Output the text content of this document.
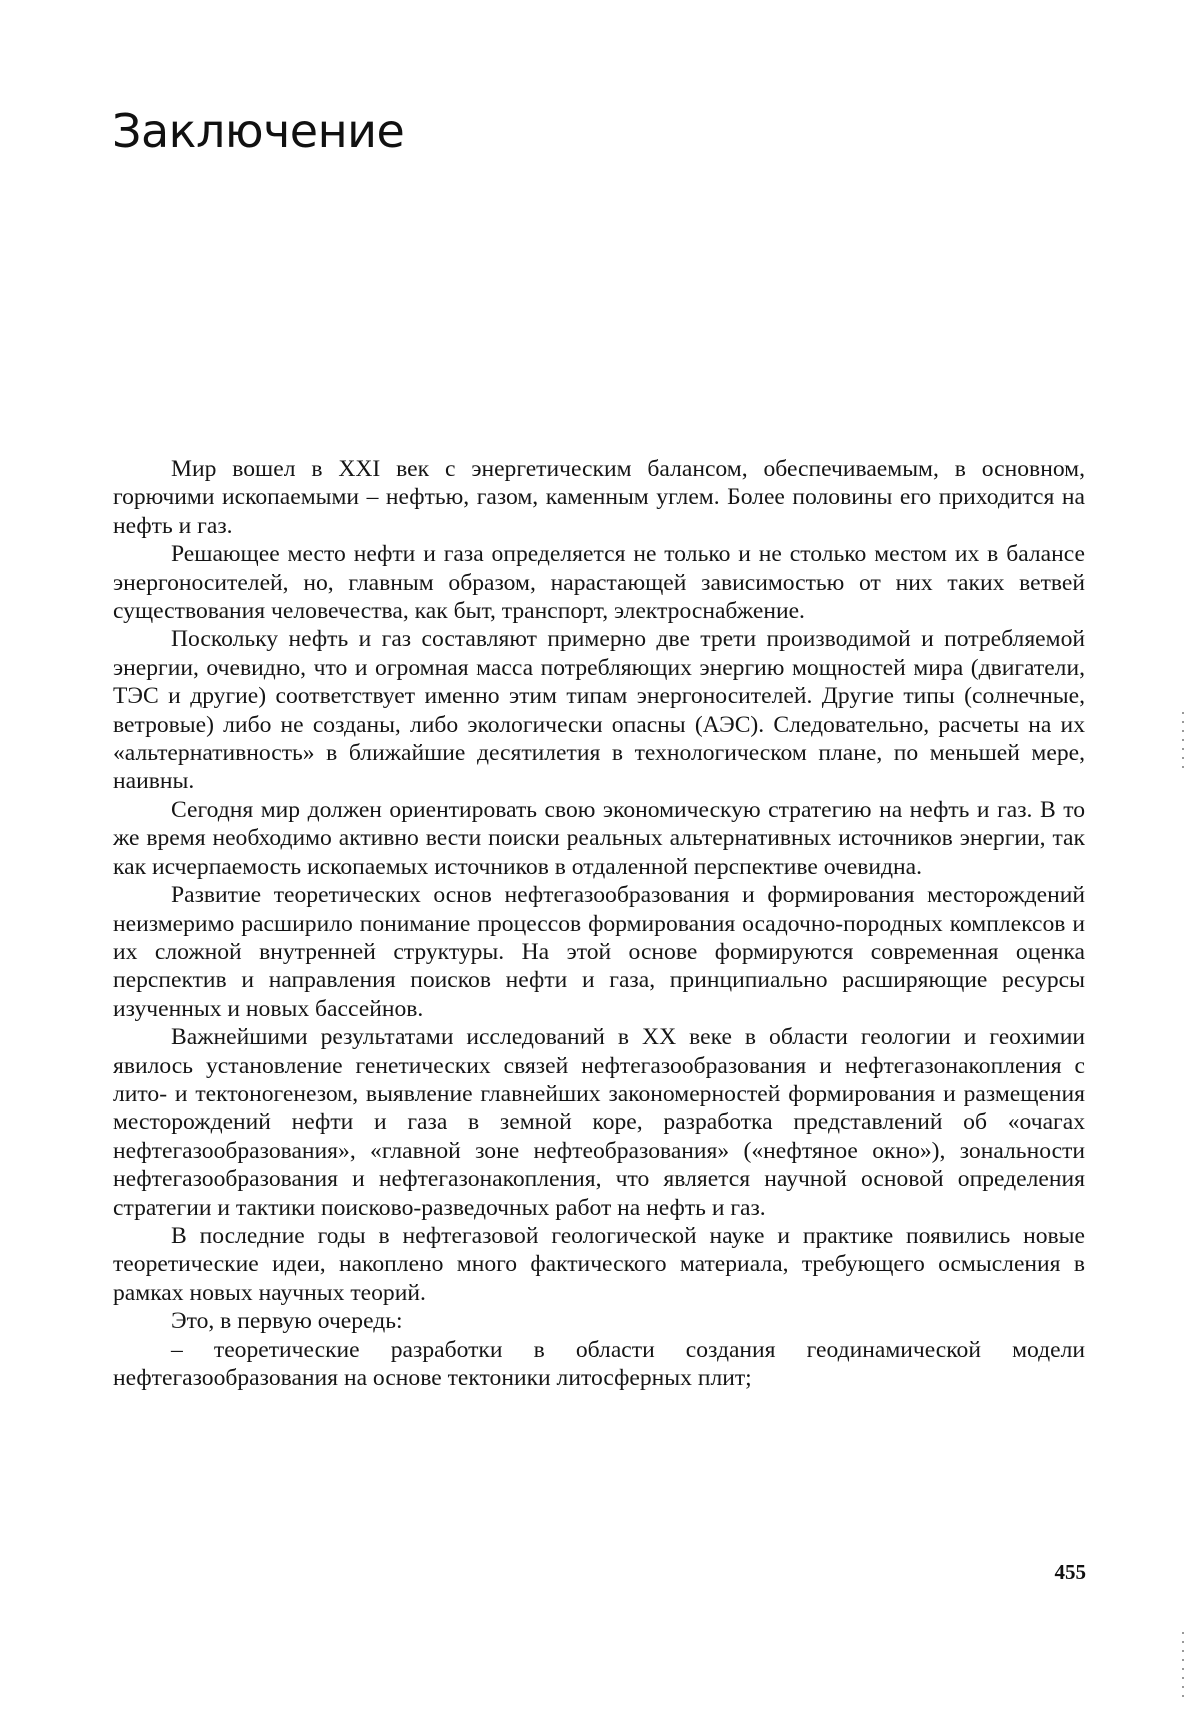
Заключение

Мир вошел в XXI век с энергетическим балансом, обеспечиваемым, в основном, горючими ископаемыми – нефтью, газом, каменным углем. Более половины его приходится на нефть и газ.

Решающее место нефти и газа определяется не только и не столько местом их в балансе энергоносителей, но, главным образом, нарастающей зависимостью от них таких ветвей существования человечества, как быт, транспорт, электроснабжение.

Поскольку нефть и газ составляют примерно две трети производимой и потребляемой энергии, очевидно, что и огромная масса потребляющих энергию мощностей мира (двигатели, ТЭС и другие) соответствует именно этим типам энергоносителей. Другие типы (солнечные, ветровые) либо не созданы, либо экологически опасны (АЭС). Следовательно, расчеты на их «альтернативность» в ближайшие десятилетия в технологическом плане, по меньшей мере, наивны.

Сегодня мир должен ориентировать свою экономическую стратегию на нефть и газ. В то же время необходимо активно вести поиски реальных альтернативных источников энергии, так как исчерпаемость ископаемых источников в отдаленной перспективе очевидна.

Развитие теоретических основ нефтегазообразования и формирования месторождений неизмеримо расширило понимание процессов формирования осадочно-породных комплексов и их сложной внутренней структуры. На этой основе формируются современная оценка перспектив и направления поисков нефти и газа, принципиально расширяющие ресурсы изученных и новых бассейнов.

Важнейшими результатами исследований в XX веке в области геологии и геохимии явилось установление генетических связей нефтегазообразования и нефтегазонакопления с лито- и тектоногенезом, выявление главнейших закономерностей формирования и размещения месторождений нефти и газа в земной коре, разработка представлений об «очагах нефтегазообразования», «главной зоне нефтеобразования» («нефтяное окно»), зональности нефтегазообразования и нефтегазонакопления, что является научной основой определения стратегии и тактики поисково-разведочных работ на нефть и газ.

В последние годы в нефтегазовой геологической науке и практике появились новые теоретические идеи, накоплено много фактического материала, требующего осмысления в рамках новых научных теорий.

Это, в первую очередь:

– теоретические разработки в области создания геодинамической модели нефтегазообразования на основе тектоники литосферных плит;

455
